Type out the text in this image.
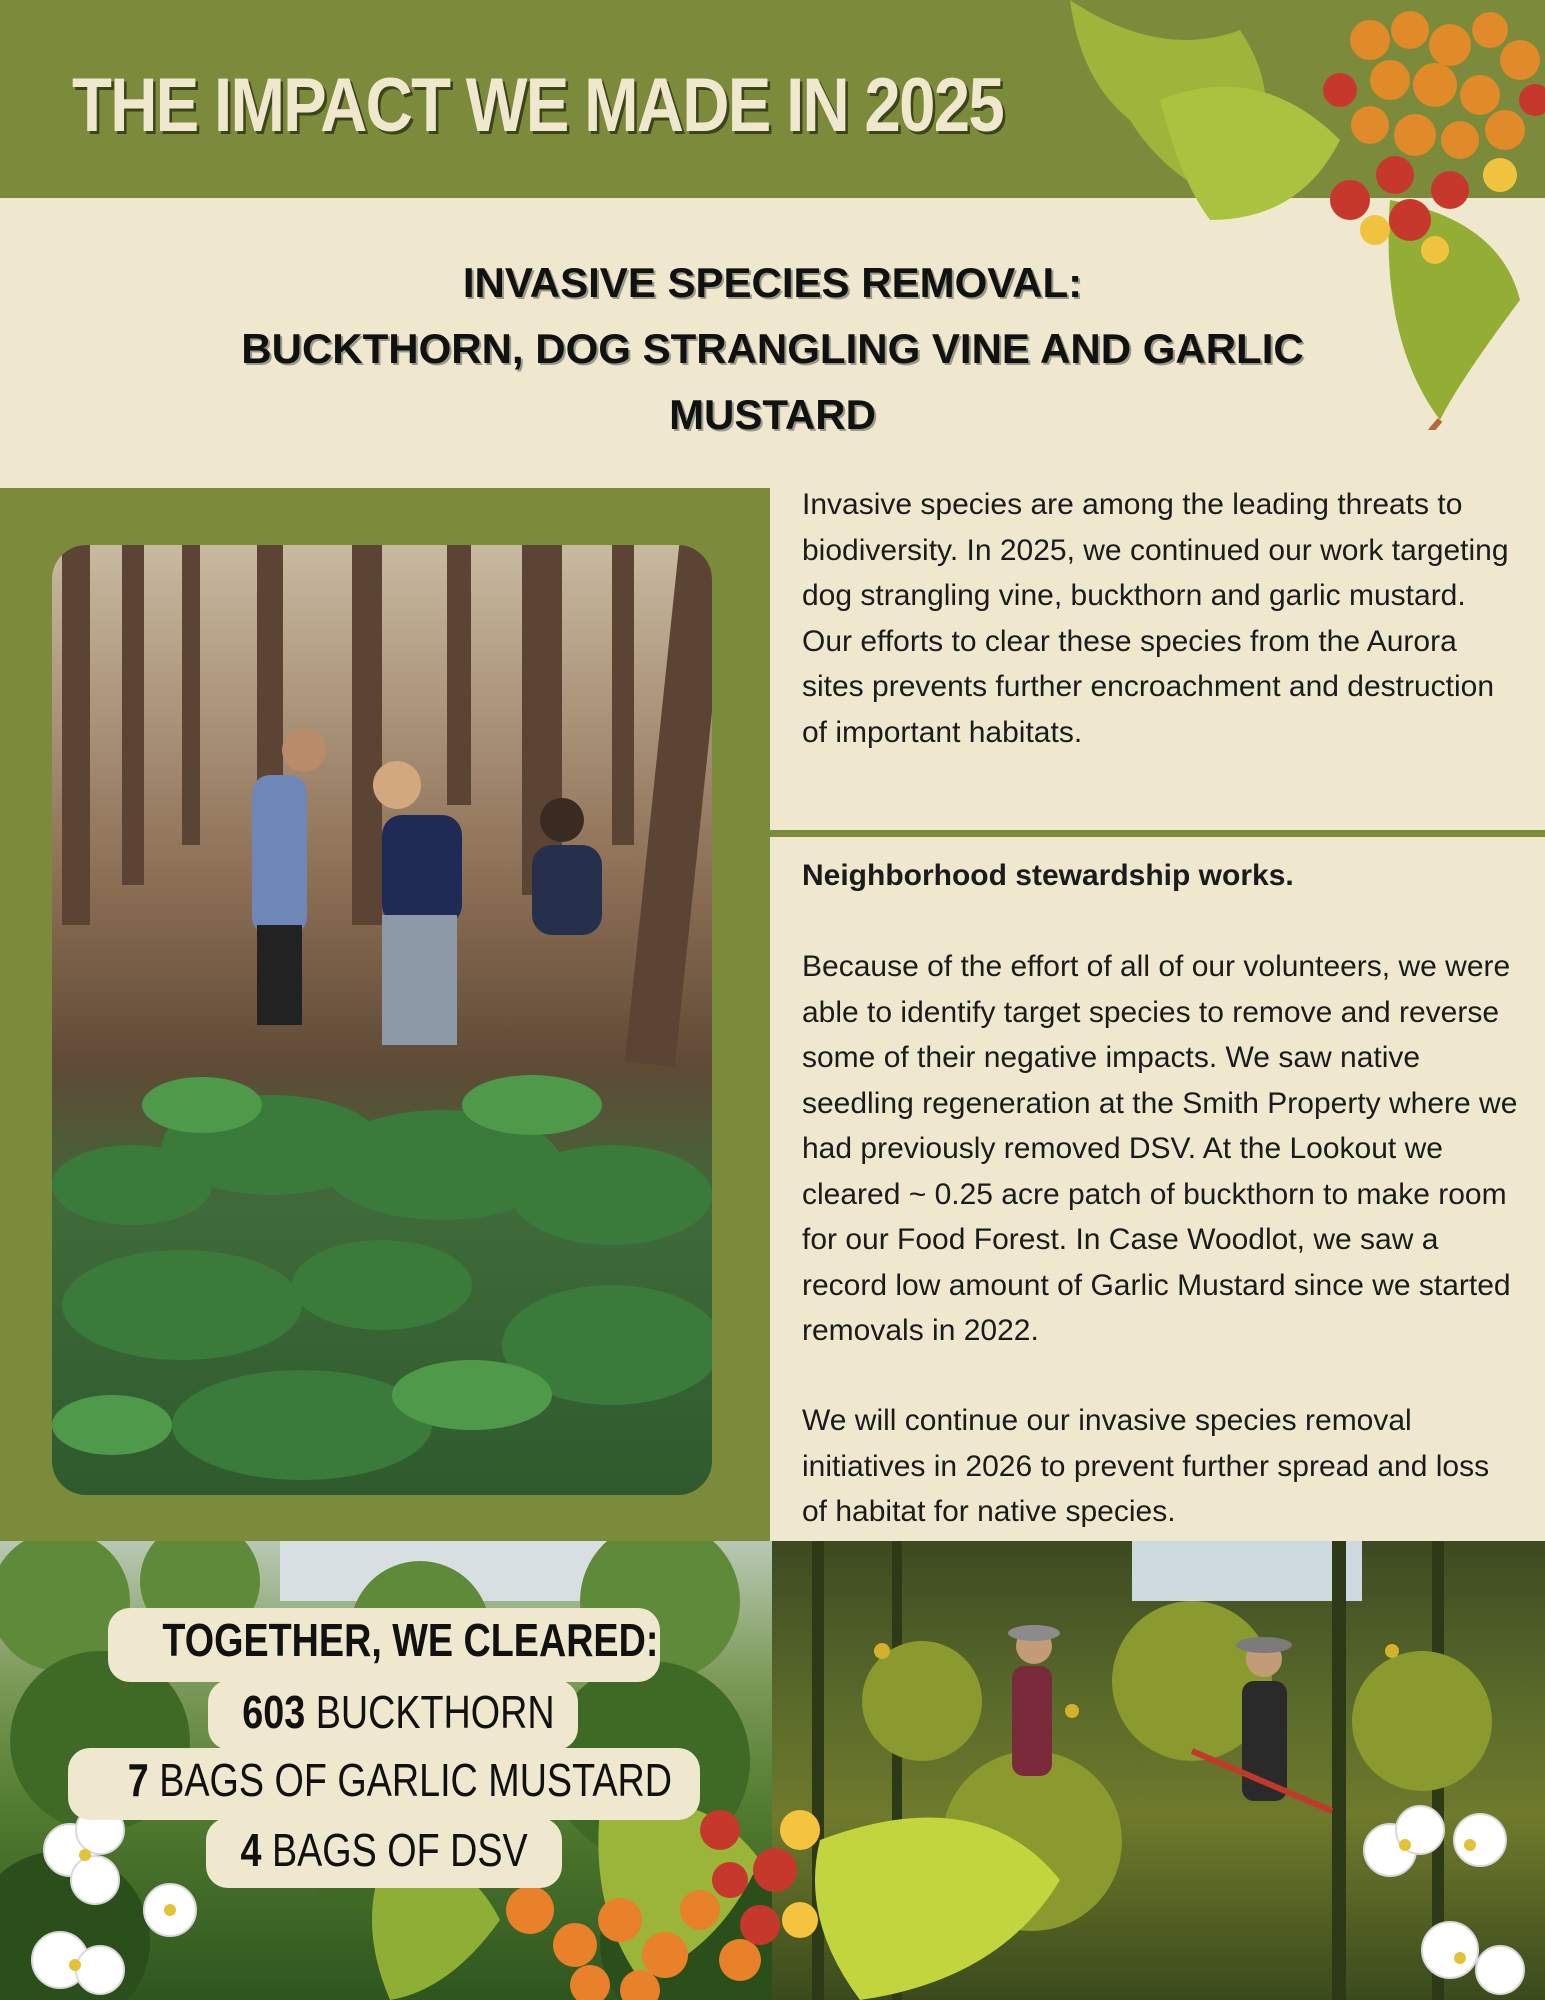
THE IMPACT WE MADE IN 2025
INVASIVE SPECIES REMOVAL:
BUCKTHORN, DOG STRANGLING VINE AND GARLIC
MUSTARD

Invasive species are among the leading threats to biodiversity. In 2025, we continued our work targeting dog strangling vine, buckthorn and garlic mustard. Our efforts to clear these species from the Aurora sites prevents further encroachment and destruction of important habitats.

Neighborhood stewardship works.

Because of the effort of all of our volunteers, we were able to identify target species to remove and reverse some of their negative impacts. We saw native seedling regeneration at the Smith Property where we had previously removed DSV. At the Lookout we cleared ~ 0.25 acre patch of buckthorn to make room for our Food Forest. In Case Woodlot, we saw a record low amount of Garlic Mustard since we started removals in 2022.

We will continue our invasive species removal initiatives in 2026 to prevent further spread and loss of habitat for native species.

TOGETHER, WE CLEARED:
603 BUCKTHORN
7 BAGS OF GARLIC MUSTARD
4 BAGS OF DSV
